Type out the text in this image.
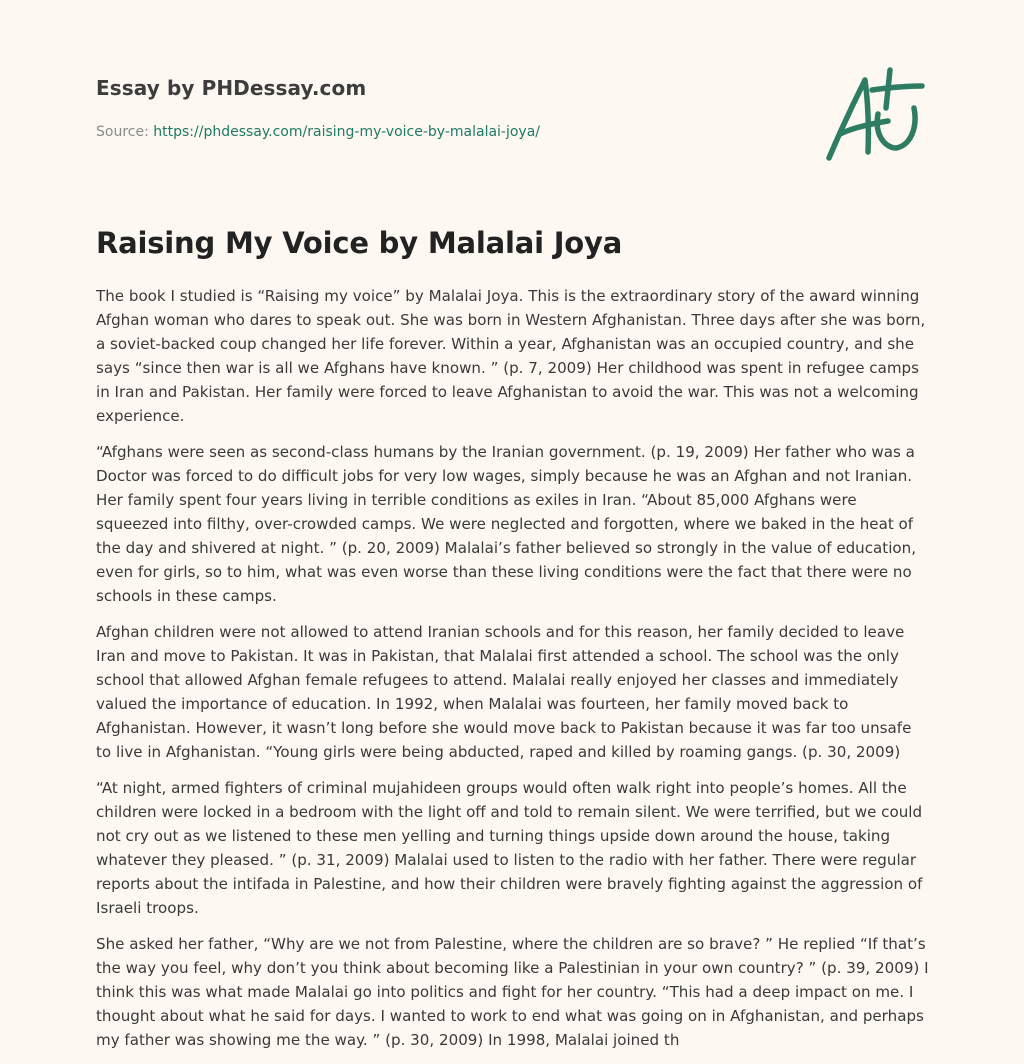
Essay by PHDessay.com
Source: https://phdessay.com/raising-my-voice-by-malalai-joya/
Raising My Voice by Malalai Joya

The book I studied is “Raising my voice” by Malalai Joya. This is the extraordinary story of the award winning Afghan woman who dares to speak out. She was born in Western Afghanistan. Three days after she was born, a soviet-backed coup changed her life forever. Within a year, Afghanistan was an occupied country, and she says “since then war is all we Afghans have known. ” (p. 7, 2009) Her childhood was spent in refugee camps in Iran and Pakistan. Her family were forced to leave Afghanistan to avoid the war. This was not a welcoming experience.

“Afghans were seen as second-class humans by the Iranian government. (p. 19, 2009) Her father who was a Doctor was forced to do difficult jobs for very low wages, simply because he was an Afghan and not Iranian. Her family spent four years living in terrible conditions as exiles in Iran. “About 85,000 Afghans were squeezed into filthy, over-crowded camps. We were neglected and forgotten, where we baked in the heat of the day and shivered at night. ” (p. 20, 2009) Malalai’s father believed so strongly in the value of education, even for girls, so to him, what was even worse than these living conditions were the fact that there were no schools in these camps.

Afghan children were not allowed to attend Iranian schools and for this reason, her family decided to leave Iran and move to Pakistan. It was in Pakistan, that Malalai first attended a school. The school was the only school that allowed Afghan female refugees to attend. Malalai really enjoyed her classes and immediately valued the importance of education. In 1992, when Malalai was fourteen, her family moved back to Afghanistan. However, it wasn’t long before she would move back to Pakistan because it was far too unsafe to live in Afghanistan. “Young girls were being abducted, raped and killed by roaming gangs. (p. 30, 2009)

“At night, armed fighters of criminal mujahideen groups would often walk right into people’s homes. All the children were locked in a bedroom with the light off and told to remain silent. We were terrified, but we could not cry out as we listened to these men yelling and turning things upside down around the house, taking whatever they pleased. ” (p. 31, 2009) Malalai used to listen to the radio with her father. There were regular reports about the intifada in Palestine, and how their children were bravely fighting against the aggression of Israeli troops.

She asked her father, “Why are we not from Palestine, where the children are so brave? ” He replied “If that’s the way you feel, why don’t you think about becoming like a Palestinian in your own country? ” (p. 39, 2009) I think this was what made Malalai go into politics and fight for her country. “This had a deep impact on me. I thought about what he said for days. I wanted to work to end what was going on in Afghanistan, and perhaps my father was showing me the way. ” (p. 30, 2009) In 1998, Malalai joined th
